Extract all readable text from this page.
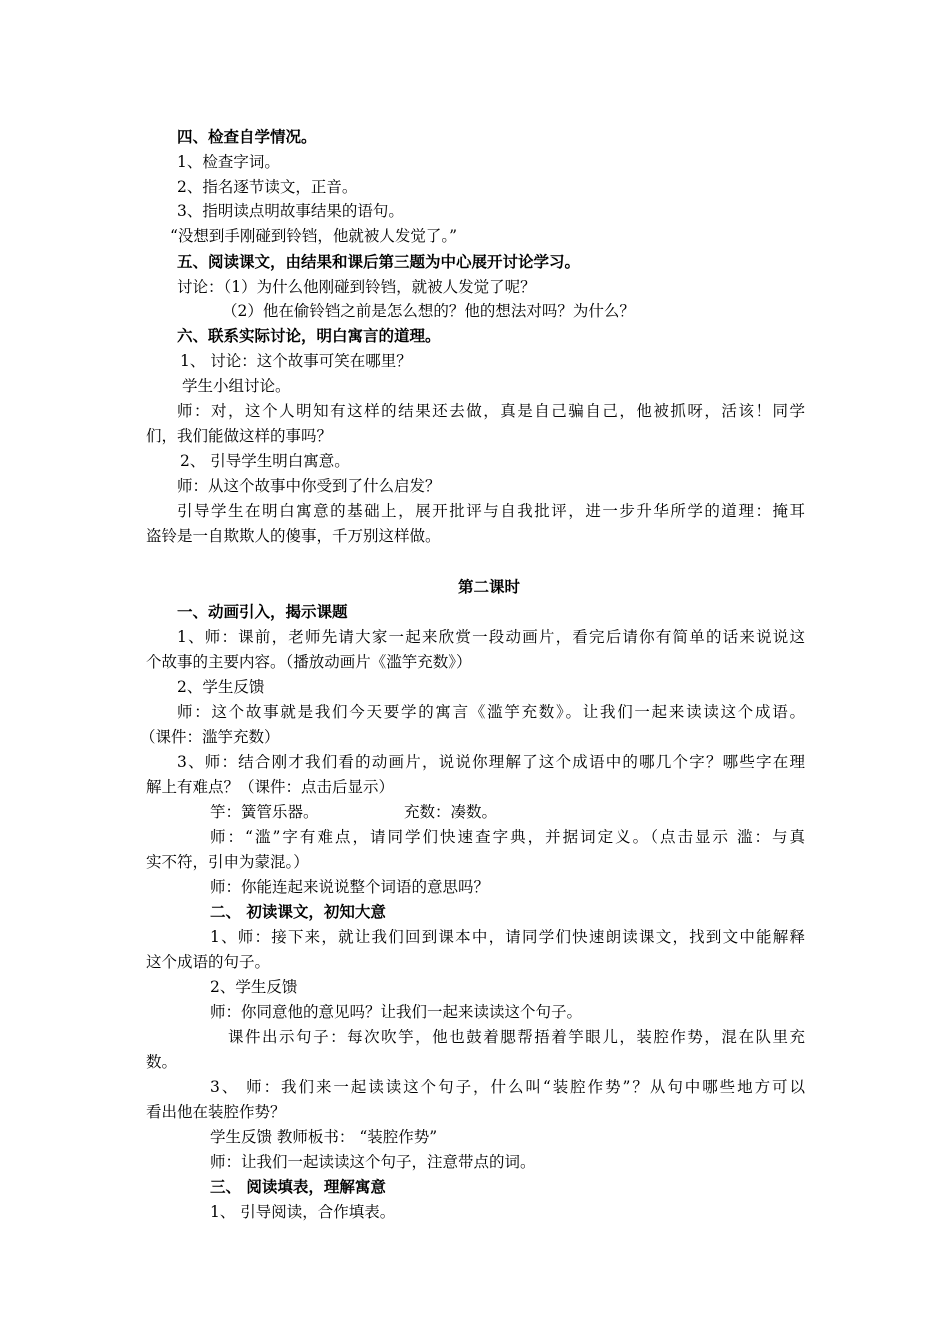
四、检查自学情况。
1、检查字词。
2、指名逐节读文，正音。
3、指明读点明故事结果的语句。
“没想到手刚碰到铃铛，他就被人发觉了。”
五、阅读课文，由结果和课后第三题为中心展开讨论学习。
讨论：（1）为什么他刚碰到铃铛，就被人发觉了呢？
（2）他在偷铃铛之前是怎么想的？他的想法对吗？为什么？
六、联系实际讨论，明白寓言的道理。
1、 讨论：这个故事可笑在哪里？
学生小组讨论。
师：对，这个人明知有这样的结果还去做，真是自己骗自己，他被抓呀，活该！同学
们，我们能做这样的事吗？
2、 引导学生明白寓意。
师：从这个故事中你受到了什么启发？
引导学生在明白寓意的基础上，展开批评与自我批评，进一步升华所学的道理：掩耳
盗铃是一自欺欺人的傻事，千万别这样做。
第二课时
一、动画引入，揭示课题
1、师：课前，老师先请大家一起来欣赏一段动画片，看完后请你有简单的话来说说这
个故事的主要内容。（播放动画片《滥竽充数》）
2、学生反馈
师：这个故事就是我们今天要学的寓言《滥竽充数》。让我们一起来读读这个成语。
（课件：滥竽充数）
3、师：结合刚才我们看的动画片，说说你理解了这个成语中的哪几个字？哪些字在理
解上有难点？（课件：点击后显示）
竽：簧管乐器。	充数：凑数。
师：“滥”字有难点，请同学们快速查字典，并据词定义。（点击显示 滥：与真
实不符，引申为蒙混。）
师：你能连起来说说整个词语的意思吗？
二、 初读课文，初知大意
1、师：接下来，就让我们回到课本中，请同学们快速朗读课文，找到文中能解释
这个成语的句子。
2、学生反馈
师：你同意他的意见吗？让我们一起来读读这个句子。
课件出示句子：每次吹竽，他也鼓着腮帮捂着竽眼儿，装腔作势，混在队里充
数。
3、 师：我们来一起读读这个句子，什么叫“装腔作势”？从句中哪些地方可以
看出他在装腔作势？
学生反馈 教师板书： “装腔作势”
师：让我们一起读读这个句子，注意带点的词。
三、 阅读填表，理解寓意
1、 引导阅读，合作填表。
